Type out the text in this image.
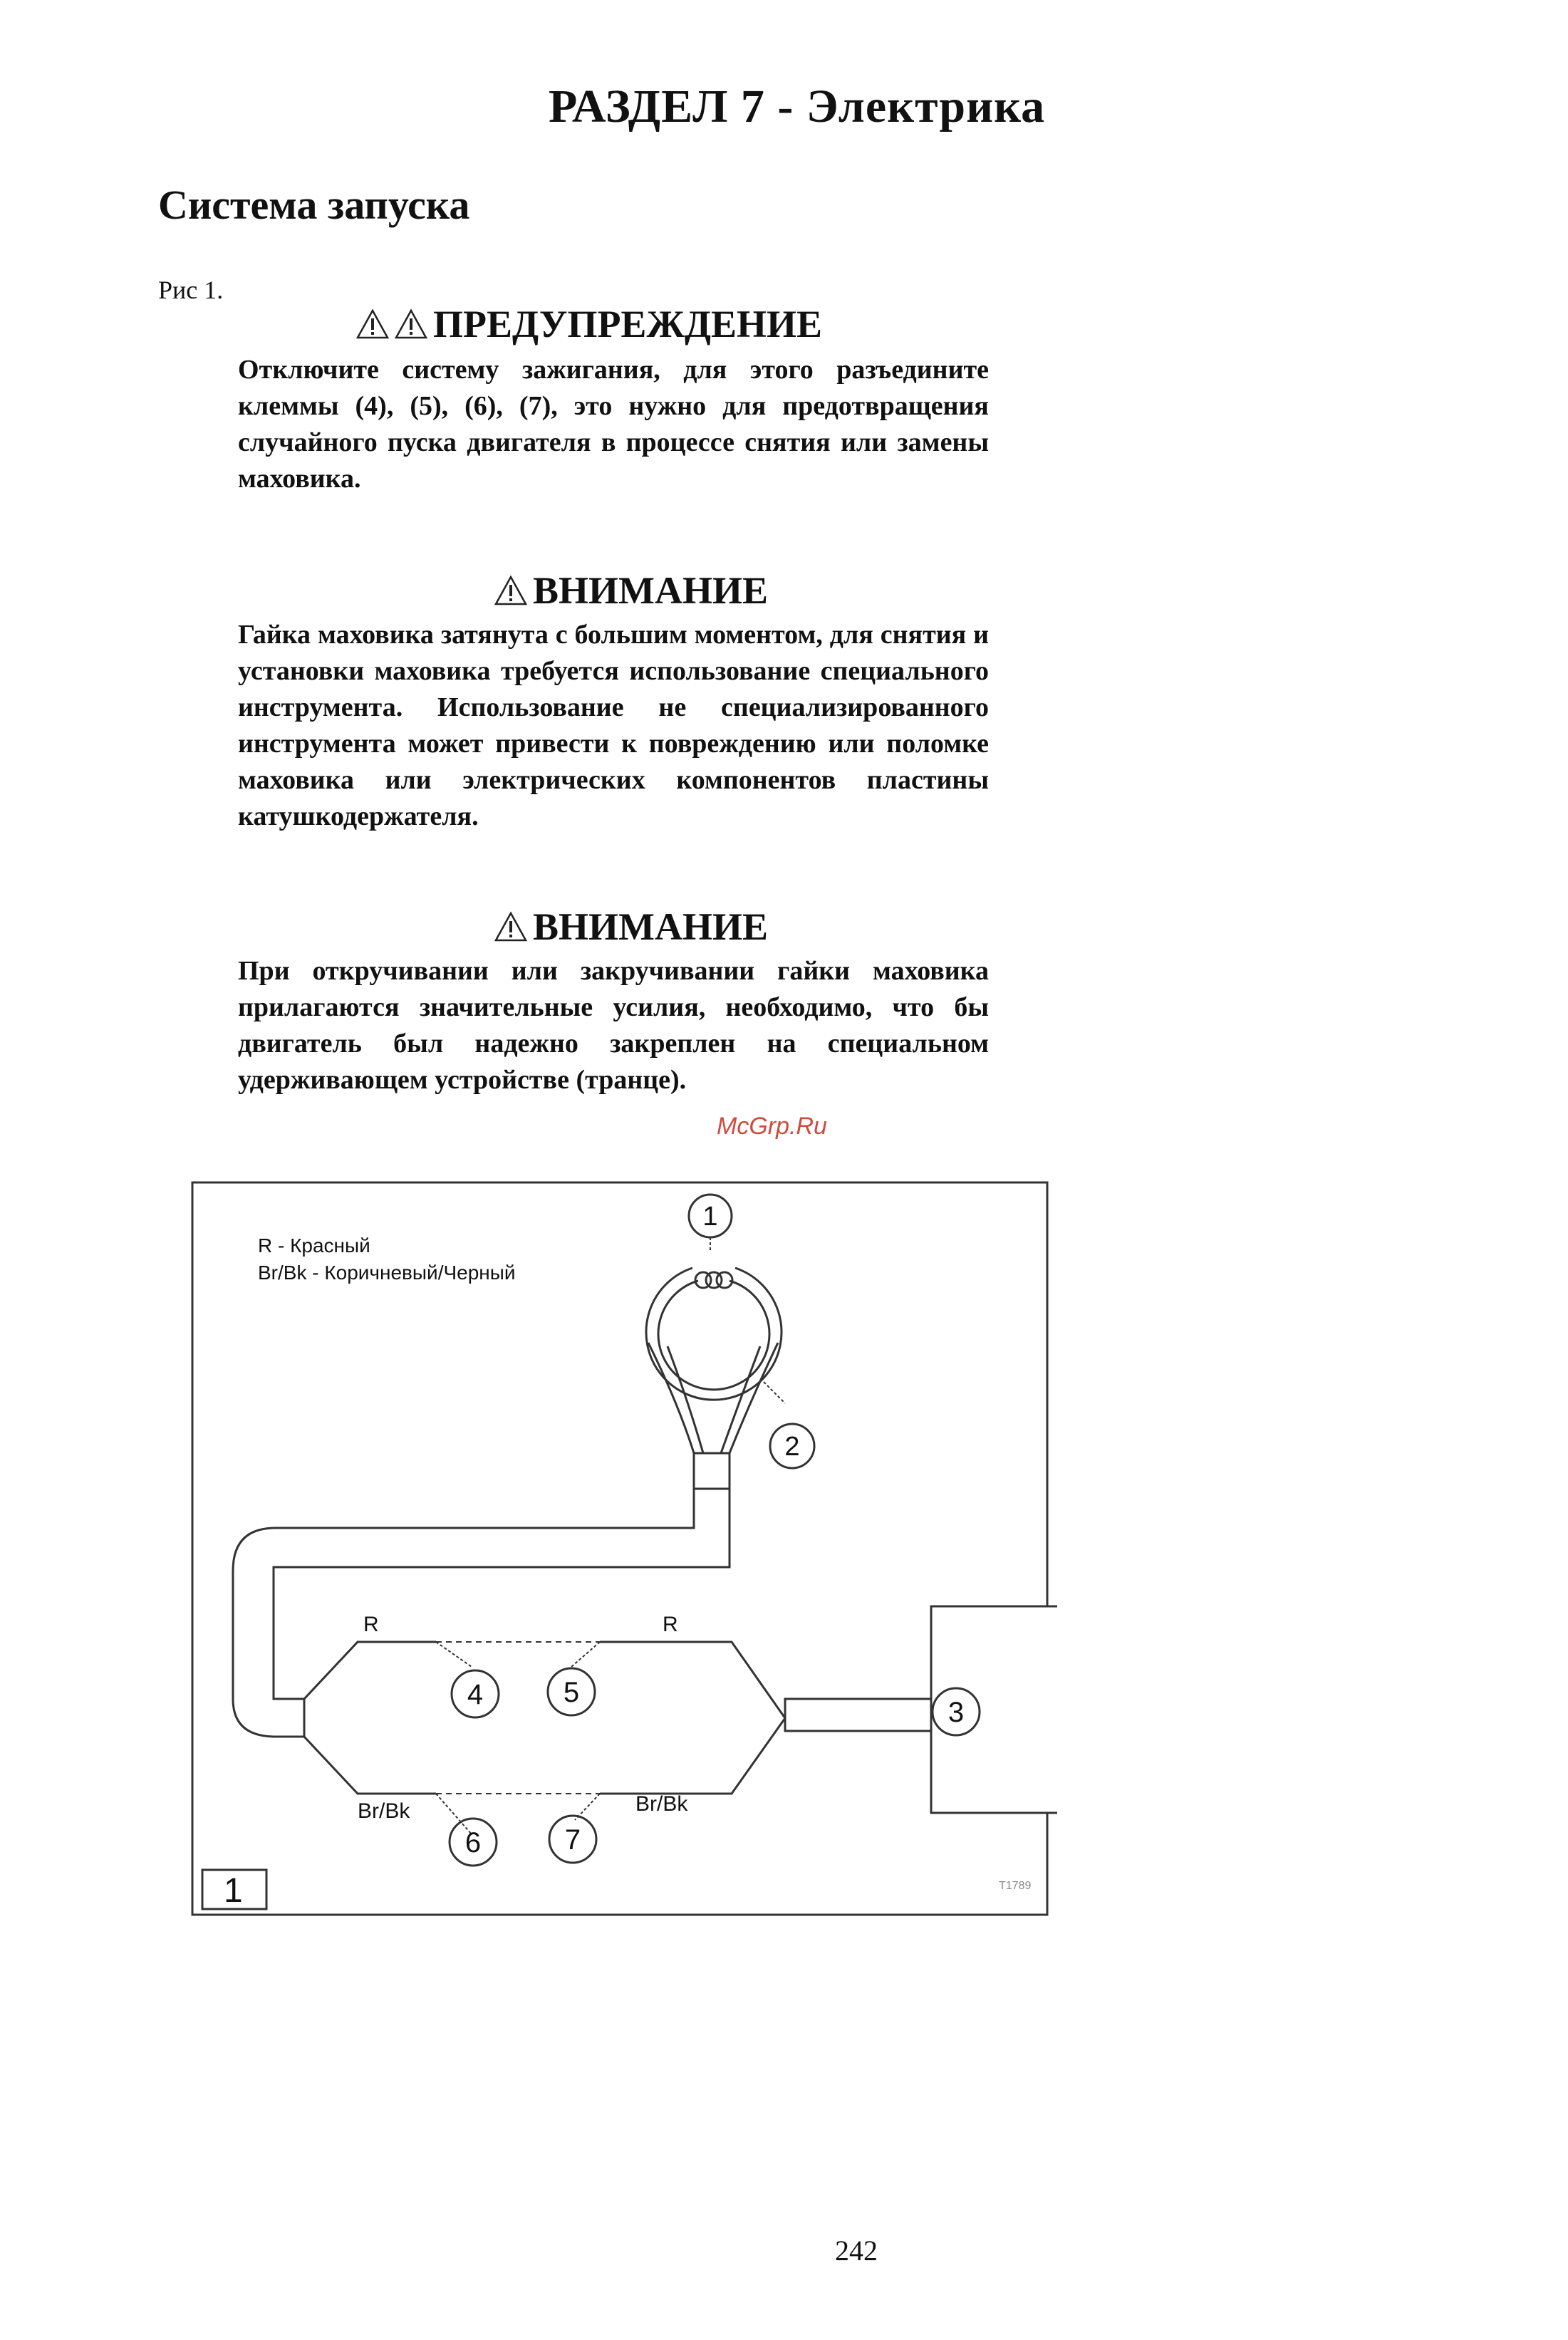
РАЗДЕЛ 7 - Электрика
Система запуска
Рис 1.
ПРЕДУПРЕЖДЕНИЕ
Отключите систему зажигания, для этого разъедините клеммы (4), (5), (6), (7), это нужно для предотвращения случайного пуска двигателя в процессе снятия или замены маховика.
ВНИМАНИЕ
Гайка маховика затянута с большим моментом, для снятия и установки маховика требуется использование специального инструмента. Использование не специализированного инструмента может привести к повреждению или поломке маховика или электрических компонентов пластины катушкодержателя.
ВНИМАНИЕ
При откручивании или закручивании гайки маховика прилагаются значительные усилия, необходимо, что бы двигатель был надежно закреплен на специальном удерживающем устройстве (транце).
McGrp.Ru
1	T1789
R - Красный
Br/Bk - Коричневый/Черный
1
2
R	R
Br/Bk	Br/Bk
4	5
6	7
3
242
